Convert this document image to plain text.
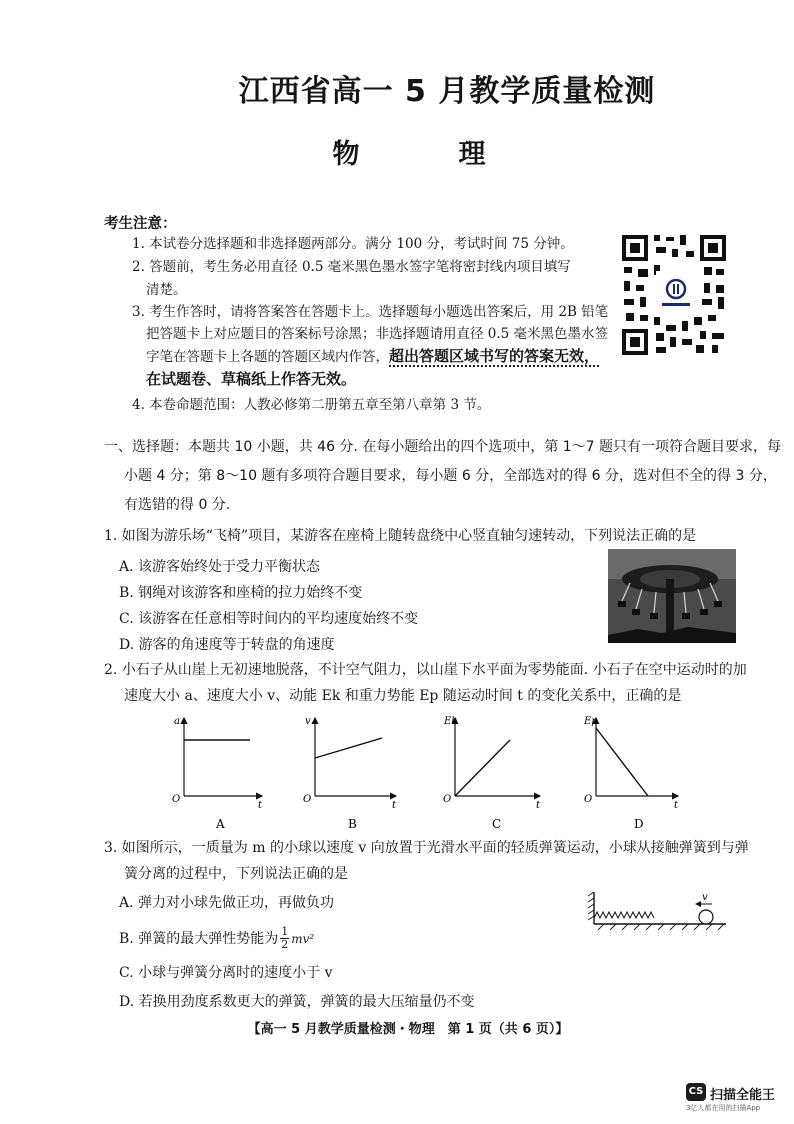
江西省高一 5 月教学质量检测
物　理
考生注意：
1. 本试卷分选择题和非选择题两部分。满分 100 分，考试时间 75 分钟。
2. 答题前，考生务必用直径 0.5 毫米黑色墨水签字笔将密封线内项目填写
清楚。
3. 考生作答时，请将答案答在答题卡上。选择题每小题选出答案后，用 2B 铅笔
把答题卡上对应题目的答案标号涂黑；非选择题请用直径 0.5 毫米黑色墨水签
字笔在答题卡上各题的答题区域内作答，超出答题区域书写的答案无效，
在试题卷、草稿纸上作答无效。
4. 本卷命题范围：人教必修第二册第五章至第八章第 3 节。
一、选择题：本题共 10 小题，共 46 分. 在每小题给出的四个选项中，第 1～7 题只有一项符合题目要求，每
小题 4 分；第 8～10 题有多项符合题目要求，每小题 6 分，全部选对的得 6 分，选对但不全的得 3 分，
有选错的得 0 分.
1. 如图为游乐场“飞椅”项目，某游客在座椅上随转盘绕中心竖直轴匀速转动，下列说法正确的是
A. 该游客始终处于受力平衡状态
B. 钢绳对该游客和座椅的拉力始终不变
C. 该游客在任意相等时间内的平均速度始终不变
D. 游客的角速度等于转盘的角速度
2. 小石子从山崖上无初速地脱落，不计空气阻力，以山崖下水平面为零势能面. 小石子在空中运动时的加
速度大小 a、速度大小 v、动能 Ek 和重力势能 Ep 随运动时间 t 的变化关系中，正确的是
a
t
O
A
v
t
O
B
Ek
t
O
C
Ep
t
O
D
3. 如图所示，一质量为 m 的小球以速度 v 向放置于光滑水平面的轻质弹簧运动，小球从接触弹簧到与弹
簧分离的过程中，下列说法正确的是
A. 弹力对小球先做正功，再做负功
B. 弹簧的最大弹性势能为 $\frac{1}{2} mv^2$
C. 小球与弹簧分离时的速度小于 v
D. 若换用劲度系数更大的弹簧，弹簧的最大压缩量仍不变
v
【高一 5 月教学质量检测・物理　第 1 页（共 6 页）】
CS 扫描全能王
3亿人都在用的扫描App
